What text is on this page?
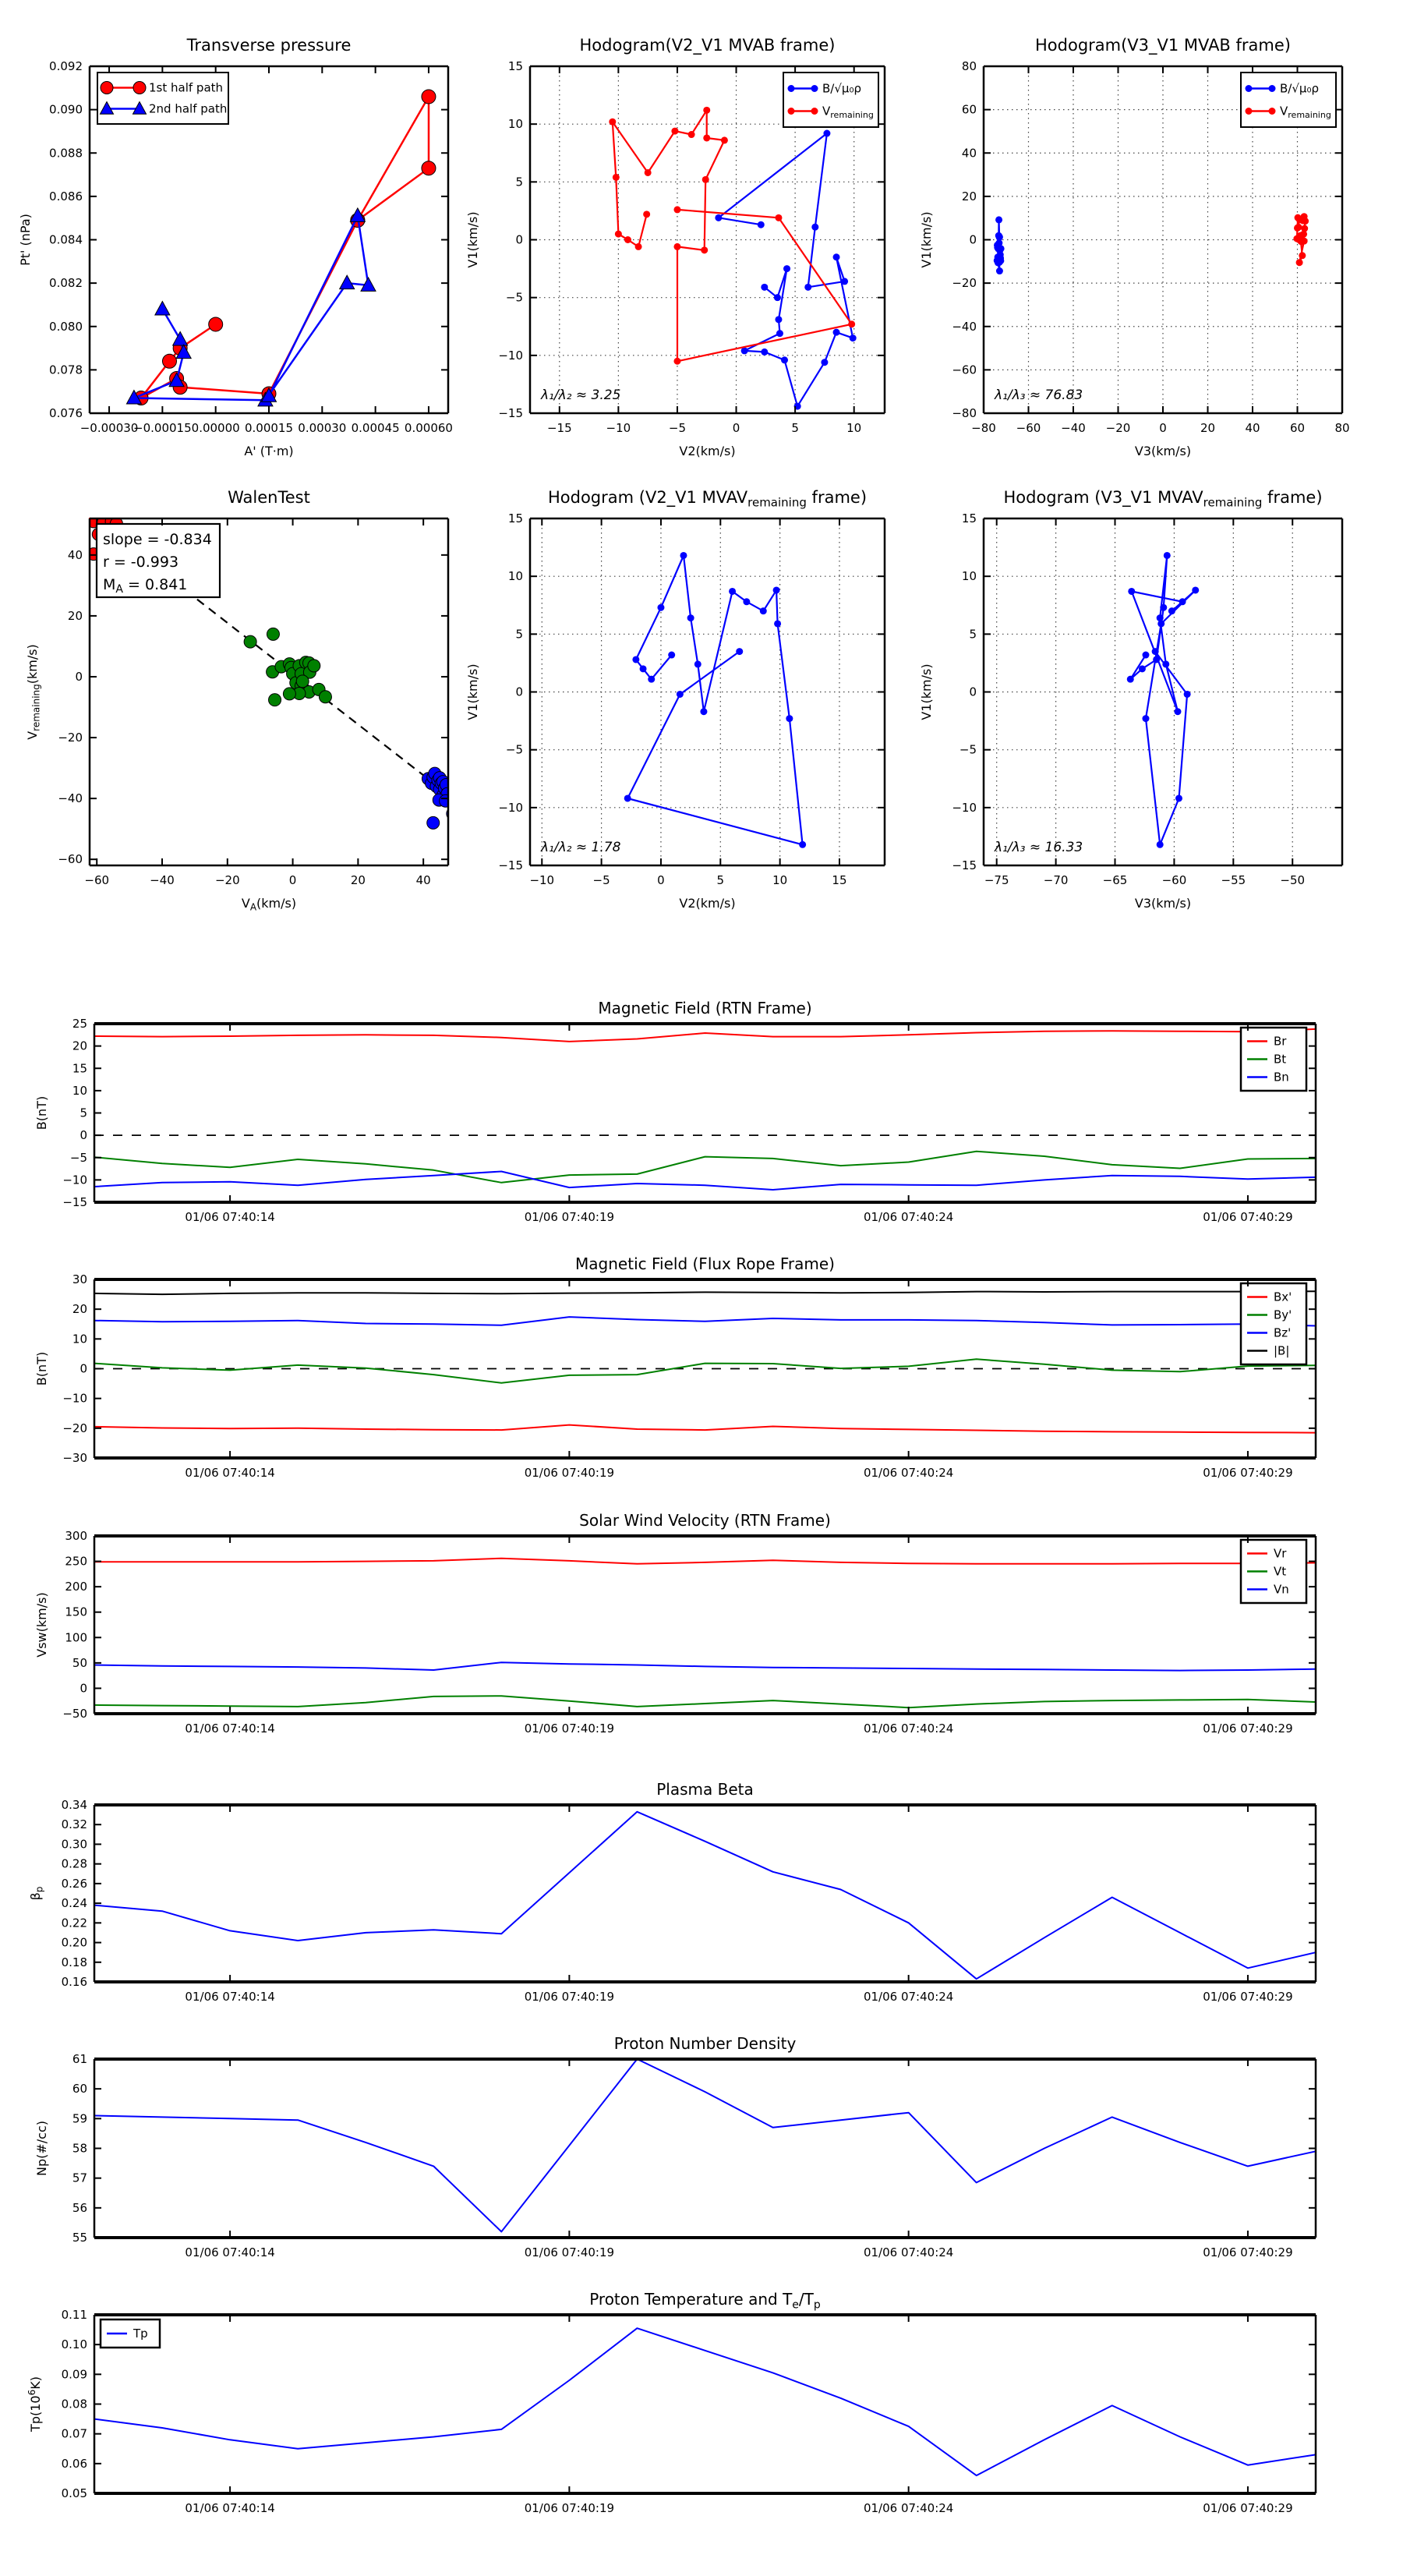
1st half path
2nd half path
−0.00030
−0.00015 0.00000 0.00015 0.00030 0.00045 0.00060
0.076
0.078
0.080
0.082
0.084
0.086
0.088
0.090
0.092
Transverse pressure
A' (T·m)
Pt' (nPa)
λ₁/λ₂ ≈ 3.25
B/√μ₀ρ
$V_{remaining}$
−15	−10	−5	0	5	10
−15
−10
−5
0
5
10
15
Hodogram(V2_V1 MVAB frame)
V2(km/s)
V1(km/s)
λ₁/λ₃ ≈ 76.83
B/√μ₀ρ
$V_{remaining}$
−80 −60 −40 −20 0	20	40	60	80
−80
−60
−40
−20
0
20
40
60
80
Hodogram(V3_V1 MVAB frame)
V3(km/s)
V1(km/s)
slope = -0.834
r = -0.993
$M_A = 0.841$
−60	−40	−20	0	20	40
−60
−40
−20
0
20
40
WalenTest
$V_A(km/s)$
$V_{remaining}(km/s)$
λ₁/λ₂ ≈ 1.78
−10	−5	0	5	10	15
−15
−10
−5
0
5
10
15
Hodogram (V2_V1 $MVAV_{remaining}$ frame)
V2(km/s)
V1(km/s)
λ₁/λ₃ ≈ 16.33
−75	−70	−65	−60	−55	−50
−15
−10
−5
0
5
10
15
Hodogram (V3_V1 $MVAV_{remaining}$ frame)
V3(km/s)
V1(km/s)
Br
Bt
Bn
01/06 07:40:14	01/06 07:40:19	01/06 07:40:24	01/06 07:40:29
−15
−10
−5
0
5
10
15
20
25
Magnetic Field (RTN Frame)
B(nT)
Bx'
By'
Bz'
|B|
01/06 07:40:14	01/06 07:40:19	01/06 07:40:24	01/06 07:40:29
−30
−20
−10
0
10
20
30
Magnetic Field (Flux Rope Frame)
B(nT)
Vr
Vt
Vn
01/06 07:40:14	01/06 07:40:19	01/06 07:40:24	01/06 07:40:29
−50
0
50
100
150
200
250
300
Solar Wind Velocity (RTN Frame)
Vsw(km/s)
01/06 07:40:14	01/06 07:40:19	01/06 07:40:24	01/06 07:40:29
0.16
0.18
0.20
0.22
0.24
0.26
0.28
0.30
0.32
0.34
Plasma Beta
$\beta_p$
01/06 07:40:14	01/06 07:40:19	01/06 07:40:24	01/06 07:40:29
55
56
57
58
59
60
61
Proton Number Density
Np(#/cc)
Tp
01/06 07:40:14	01/06 07:40:19	01/06 07:40:24	01/06 07:40:29
0.05
0.06
0.07
0.08
0.09
0.10
0.11
Proton Temperature and $T_e/T_p$
$Tp(10^6K)$
